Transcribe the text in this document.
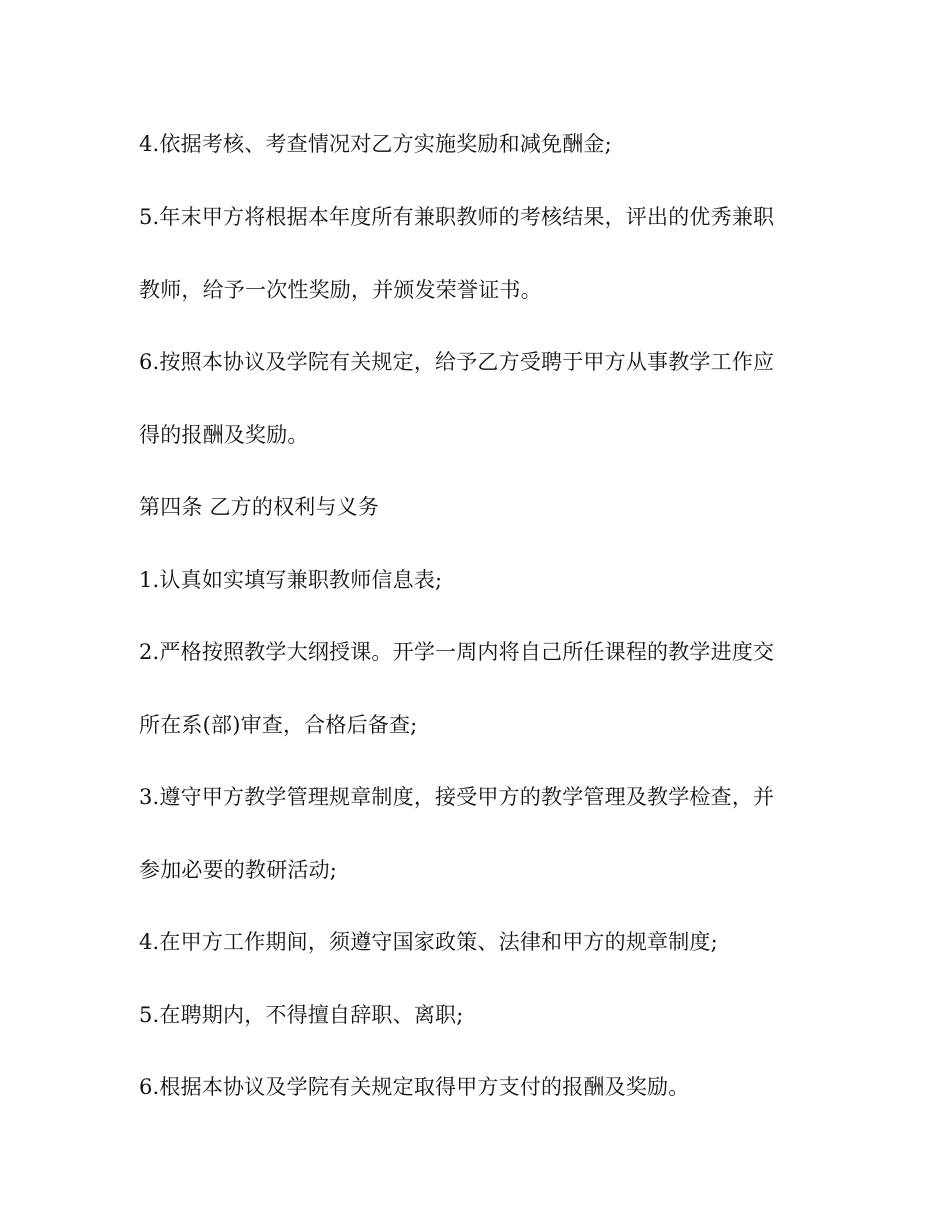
4.依据考核、考查情况对乙方实施奖励和减免酬金;
5.年末甲方将根据本年度所有兼职教师的考核结果，评出的优秀兼职
教师，给予一次性奖励，并颁发荣誉证书。
6.按照本协议及学院有关规定，给予乙方受聘于甲方从事教学工作应
得的报酬及奖励。
第四条 乙方的权利与义务
1.认真如实填写兼职教师信息表;
2.严格按照教学大纲授课。开学一周内将自己所任课程的教学进度交
所在系(部)审查，合格后备查;
3.遵守甲方教学管理规章制度，接受甲方的教学管理及教学检查，并
参加必要的教研活动;
4.在甲方工作期间，须遵守国家政策、法律和甲方的规章制度;
5.在聘期内，不得擅自辞职、离职;
6.根据本协议及学院有关规定取得甲方支付的报酬及奖励。
